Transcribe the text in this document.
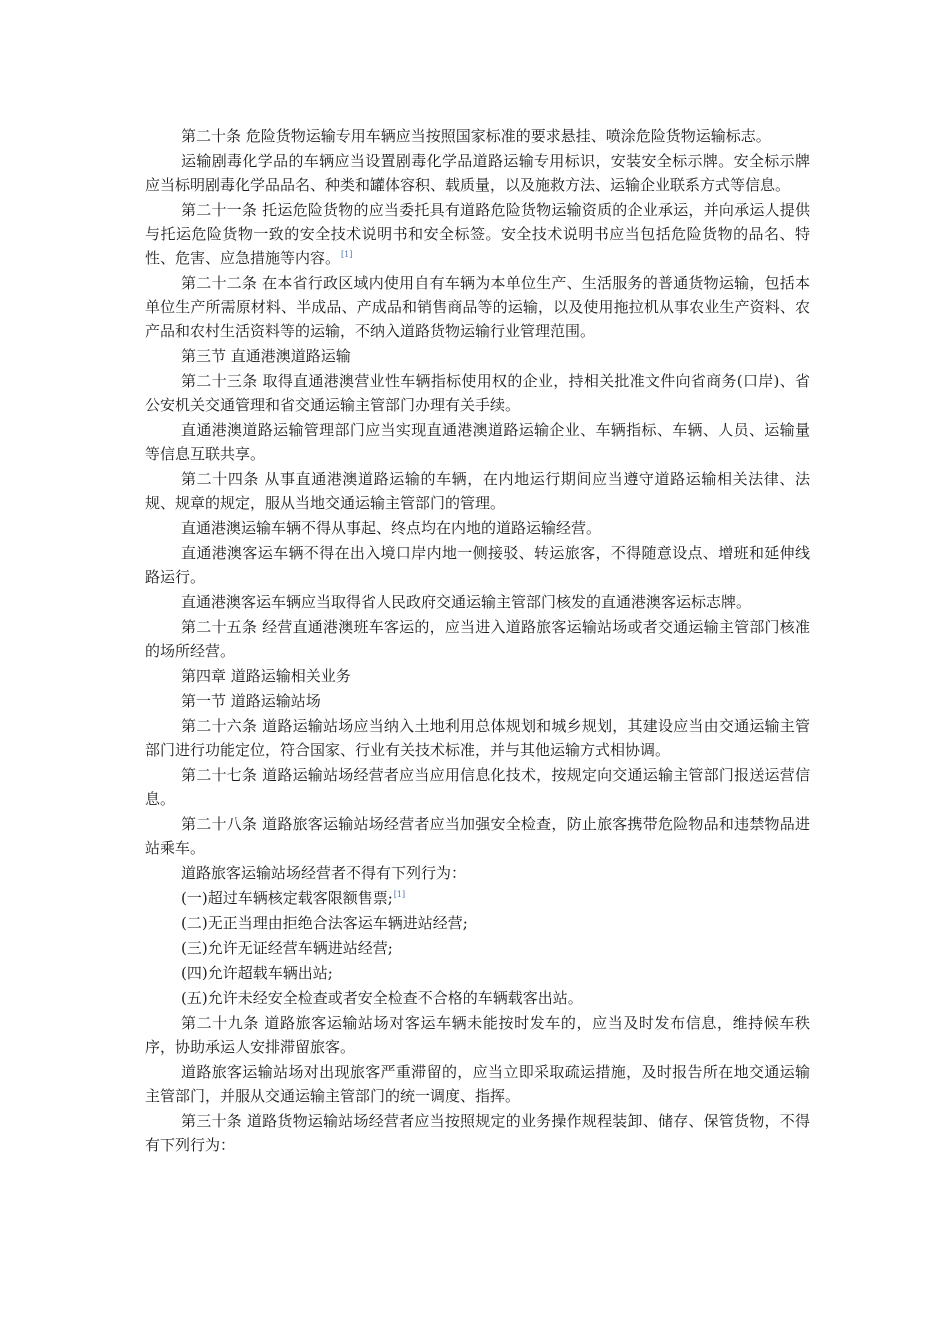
第二十条 危险货物运输专用车辆应当按照国家标准的要求悬挂、喷涂危险货物运输标志。

运输剧毒化学品的车辆应当设置剧毒化学品道路运输专用标识，安装安全标示牌。安全标示牌应当标明剧毒化学品品名、种类和罐体容积、载质量，以及施救方法、运输企业联系方式等信息。

第二十一条 托运危险货物的应当委托具有道路危险货物运输资质的企业承运，并向承运人提供与托运危险货物一致的安全技术说明书和安全标签。安全技术说明书应当包括危险货物的品名、特性、危害、应急措施等内容。[1]

第二十二条 在本省行政区域内使用自有车辆为本单位生产、生活服务的普通货物运输，包括本单位生产所需原材料、半成品、产成品和销售商品等的运输，以及使用拖拉机从事农业生产资料、农产品和农村生活资料等的运输，不纳入道路货物运输行业管理范围。

第三节 直通港澳道路运输

第二十三条 取得直通港澳营业性车辆指标使用权的企业，持相关批准文件向省商务(口岸)、省公安机关交通管理和省交通运输主管部门办理有关手续。

直通港澳道路运输管理部门应当实现直通港澳道路运输企业、车辆指标、车辆、人员、运输量等信息互联共享。

第二十四条 从事直通港澳道路运输的车辆，在内地运行期间应当遵守道路运输相关法律、法规、规章的规定，服从当地交通运输主管部门的管理。

直通港澳运输车辆不得从事起、终点均在内地的道路运输经营。

直通港澳客运车辆不得在出入境口岸内地一侧接驳、转运旅客，不得随意设点、增班和延伸线路运行。

直通港澳客运车辆应当取得省人民政府交通运输主管部门核发的直通港澳客运标志牌。

第二十五条 经营直通港澳班车客运的，应当进入道路旅客运输站场或者交通运输主管部门核准的场所经营。

第四章 道路运输相关业务

第一节 道路运输站场

第二十六条 道路运输站场应当纳入土地利用总体规划和城乡规划，其建设应当由交通运输主管部门进行功能定位，符合国家、行业有关技术标准，并与其他运输方式相协调。

第二十七条 道路运输站场经营者应当应用信息化技术，按规定向交通运输主管部门报送运营信息。

第二十八条 道路旅客运输站场经营者应当加强安全检查，防止旅客携带危险物品和违禁物品进站乘车。

道路旅客运输站场经营者不得有下列行为：

(一)超过车辆核定载客限额售票;[1]

(二)无正当理由拒绝合法客运车辆进站经营;

(三)允许无证经营车辆进站经营;

(四)允许超载车辆出站;

(五)允许未经安全检查或者安全检查不合格的车辆载客出站。

第二十九条 道路旅客运输站场对客运车辆未能按时发车的，应当及时发布信息，维持候车秩序，协助承运人安排滞留旅客。

道路旅客运输站场对出现旅客严重滞留的，应当立即采取疏运措施，及时报告所在地交通运输主管部门，并服从交通运输主管部门的统一调度、指挥。

第三十条 道路货物运输站场经营者应当按照规定的业务操作规程装卸、储存、保管货物，不得有下列行为：
